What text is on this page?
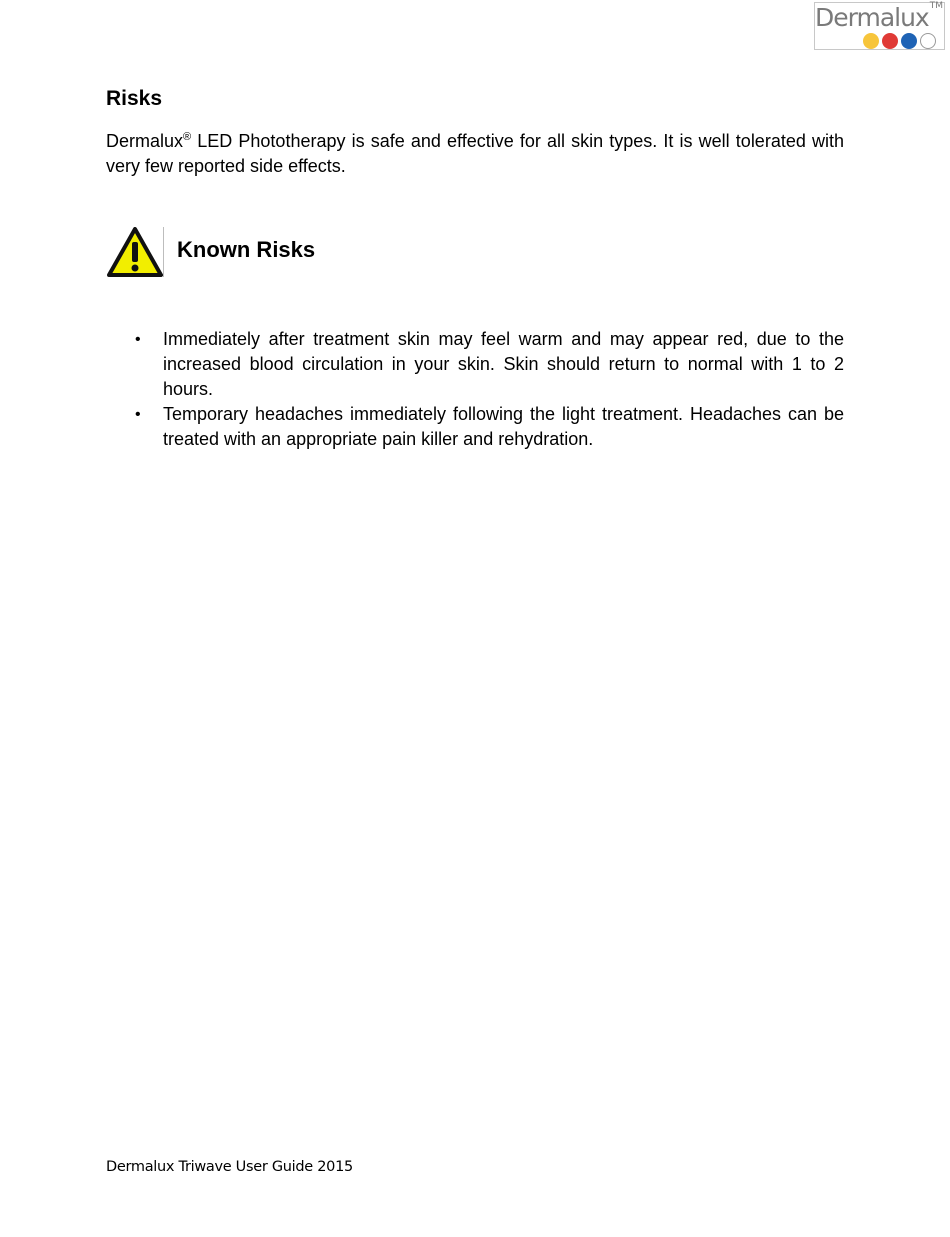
Dermalux TM
Risks

Dermalux® LED Phototherapy is safe and effective for all skin types. It is well tolerated with very few reported side effects.

Known Risks
• Immediately after treatment skin may feel warm and may appear red, due to the increased blood circulation in your skin. Skin should return to normal with 1 to 2 hours.
• Temporary headaches immediately following the light treatment. Headaches can be treated with an appropriate pain killer and rehydration.

Dermalux Triwave User Guide 2015
